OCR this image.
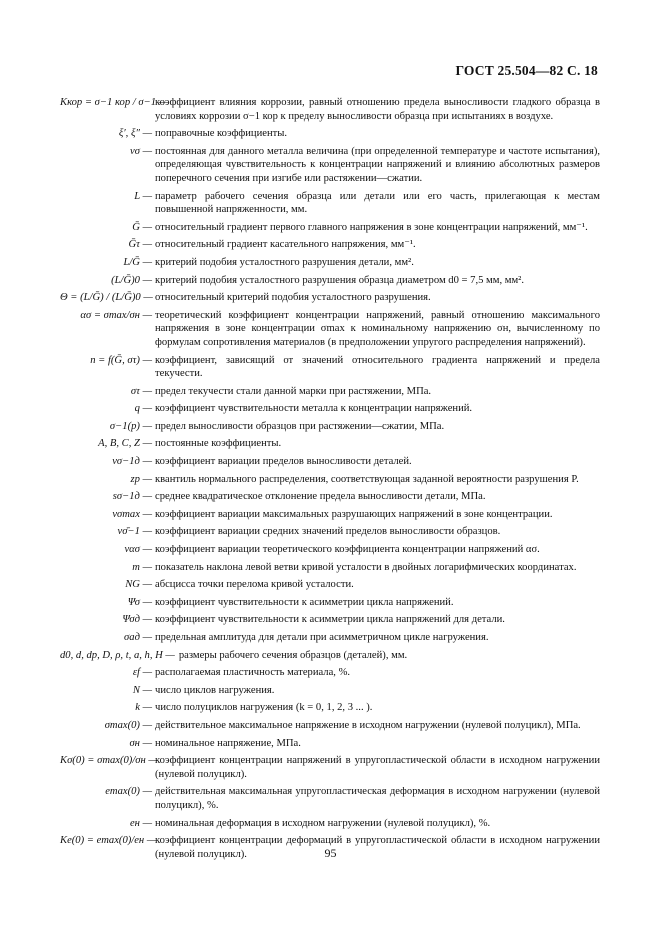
ГОСТ 25.504—82 С. 18
Kкор = σ−1 кор / σ−1 —
коэффициент влияния коррозии, равный отношению предела выносливости гладкого образца в условиях коррозии σ−1 кор к пределу выносливости образца при испытаниях в воздухе.
ξ′, ξ″ — поправочные коэффициенты.
νσ — постоянная для данного металла величина (при определенной температуре и частоте испытания), определяющая чувствительность к концентрации напряжений и влиянию абсолютных размеров поперечного сечения при изгибе или растяжении—сжатии.
L — параметр рабочего сечения образца или детали или его часть, прилегающая к местам повышенной напряженности, мм.
Ḡ — относительный градиент первого главного напряжения в зоне концентрации напряжений, мм⁻¹.
Ḡτ — относительный градиент касательного напряжения, мм⁻¹.
L/Ḡ — критерий подобия усталостного разрушения детали, мм².
(L/Ḡ)0 — критерий подобия усталостного разрушения образца диаметром d0 = 7,5 мм, мм².
Θ = (L/Ḡ) / (L/Ḡ)0 — относительный критерий подобия усталостного разрушения.
ασ = σmax/σн — теоретический коэффициент концентрации напряжений, равный отношению максимального напряжения в зоне концентрации σmax к номинальному напряжению σн, вычисленному по формулам сопротивления материалов (в предположении упругого распределения напряжений).
n = f(Ḡ, στ) — коэффициент, зависящий от значений относительного градиента напряжений и предела текучести.
στ — предел текучести стали данной марки при растяжении, МПа.
q — коэффициент чувствительности металла к концентрации напряжений.
σ−1(p) — предел выносливости образцов при растяжении—сжатии, МПа.
A, B, C, Z — постоянные коэффициенты.
νσ−1д — коэффициент вариации пределов выносливости деталей.
zp — квантиль нормального распределения, соответствующая заданной вероятности разрушения P.
sσ−1д — среднее квадратическое отклонение предела выносливости детали, МПа.
νσmax — коэффициент вариации максимальных разрушающих напряжений в зоне концентрации.
νσ̄−1 — коэффициент вариации средних значений пределов выносливости образцов.
νασ — коэффициент вариации теоретического коэффициента концентрации напряжений ασ.
m — показатель наклона левой ветви кривой усталости в двойных логарифмических координатах.
NG — абсцисса точки перелома кривой усталости.
Ψσ — коэффициент чувствительности к асимметрии цикла напряжений.
Ψσд — коэффициент чувствительности к асимметрии цикла напряжений для детали.
σад — предельная амплитуда для детали при асимметричном цикле нагружения.
d0, d, dp, D, ρ, t, a, h, H — размеры рабочего сечения образцов (деталей), мм.
εf — располагаемая пластичность материала, %.
N — число циклов нагружения.
k — число полуциклов нагружения (k = 0, 1, 2, 3 ... ).
σmax(0) — действительное максимальное напряжение в исходном нагружении (нулевой полуцикл), МПа.
σн — номинальное напряжение, МПа.
Kσ(0) = σmax(0)/σн —
коэффициент концентрации напряжений в упругопластической области в исходном нагружении (нулевой полуцикл).
emax(0) — действительная максимальная упругопластическая деформация в исходном нагружении (нулевой полуцикл), %.
eн — номинальная деформация в исходном нагружении (нулевой полуцикл), %.
Ke(0) = emax(0)/eн —
коэффициент концентрации деформаций в упругопластической области в исходном нагружении (нулевой полуцикл).	95
